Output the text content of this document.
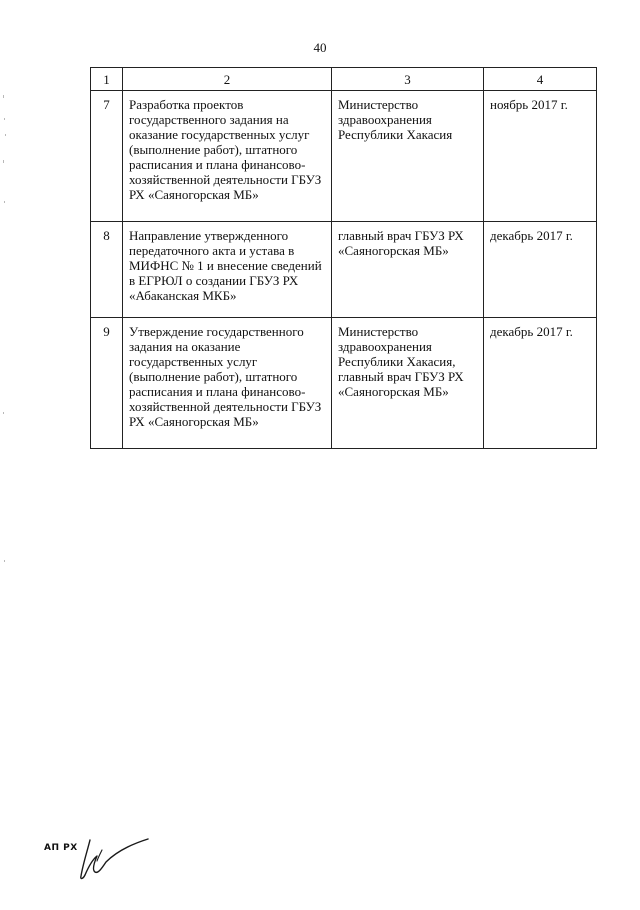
40
1	2	3	4
7	Разработка проектов государственного задания на оказание государственных услуг (выполнение работ), штатного расписания и плана финансово-хозяйственной деятельности ГБУЗ РХ «Саяногорская МБ»	Министерство здравоохранения Республики Хакасия	ноябрь 2017 г.
8	Направление утвержденного передаточного акта и устава в МИФНС № 1 и внесение сведений в ЕГРЮЛ о создании ГБУЗ РХ «Абаканская МКБ»	главный врач ГБУЗ РХ «Саяногорская МБ»	декабрь 2017 г.
9	Утверждение государственного задания на оказание государственных услуг (выполнение работ), штатного расписания и плана финансово-хозяйственной деятельности ГБУЗ РХ «Саяногорская МБ»	Министерство здравоохранения Республики Хакасия, главный врач ГБУЗ РХ «Саяногорская МБ»	декабрь 2017 г.
АП РХ
